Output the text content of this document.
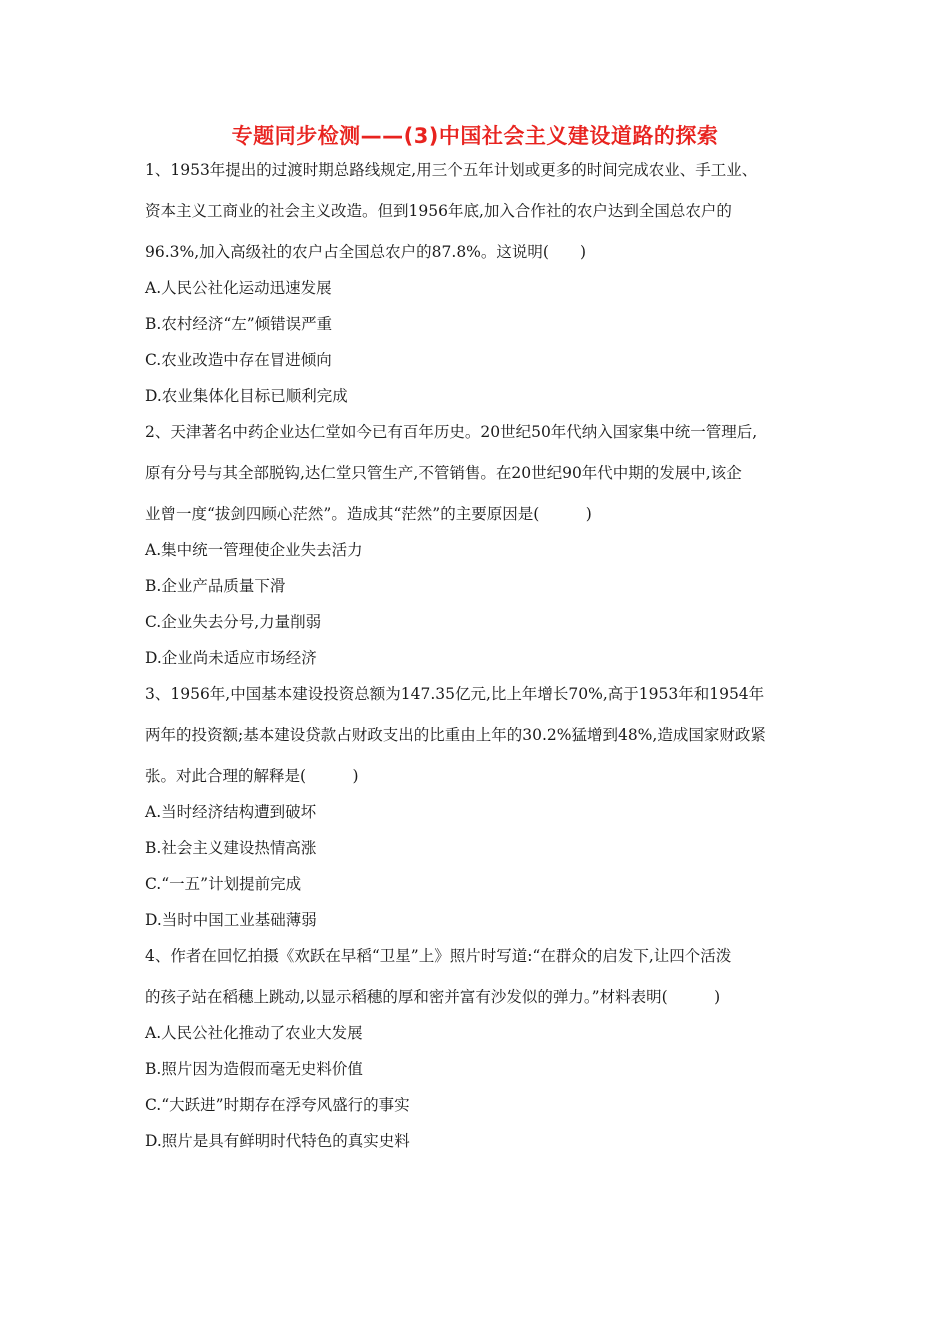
专题同步检测——(3)中国社会主义建设道路的探索
1、1953年提出的过渡时期总路线规定,用三个五年计划或更多的时间完成农业、手工业、
资本主义工商业的社会主义改造。但到1956年底,加入合作社的农户达到全国总农户的
96.3%,加入高级社的农户占全国总农户的87.8%。这说明(　　)
A.人民公社化运动迅速发展
B.农村经济“左”倾错误严重
C.农业改造中存在冒进倾向
D.农业集体化目标已顺利完成
2、天津著名中药企业达仁堂如今已有百年历史。20世纪50年代纳入国家集中统一管理后,
原有分号与其全部脱钩,达仁堂只管生产,不管销售。在20世纪90年代中期的发展中,该企
业曾一度“拔剑四顾心茫然”。造成其“茫然”的主要原因是(　　　)
A.集中统一管理使企业失去活力
B.企业产品质量下滑
C.企业失去分号,力量削弱
D.企业尚未适应市场经济
3、1956年,中国基本建设投资总额为147.35亿元,比上年增长70%,高于1953年和1954年
两年的投资额;基本建设贷款占财政支出的比重由上年的30.2%猛增到48%,造成国家财政紧
张。对此合理的解释是(　　　)
A.当时经济结构遭到破坏
B.社会主义建设热情高涨
C.“一五”计划提前完成
D.当时中国工业基础薄弱
4、作者在回忆拍摄《欢跃在早稻“卫星”上》照片时写道:“在群众的启发下,让四个活泼
的孩子站在稻穗上跳动,以显示稻穗的厚和密并富有沙发似的弹力。”材料表明(　　　)
A.人民公社化推动了农业大发展
B.照片因为造假而毫无史料价值
C.“大跃进”时期存在浮夸风盛行的事实
D.照片是具有鲜明时代特色的真实史料
